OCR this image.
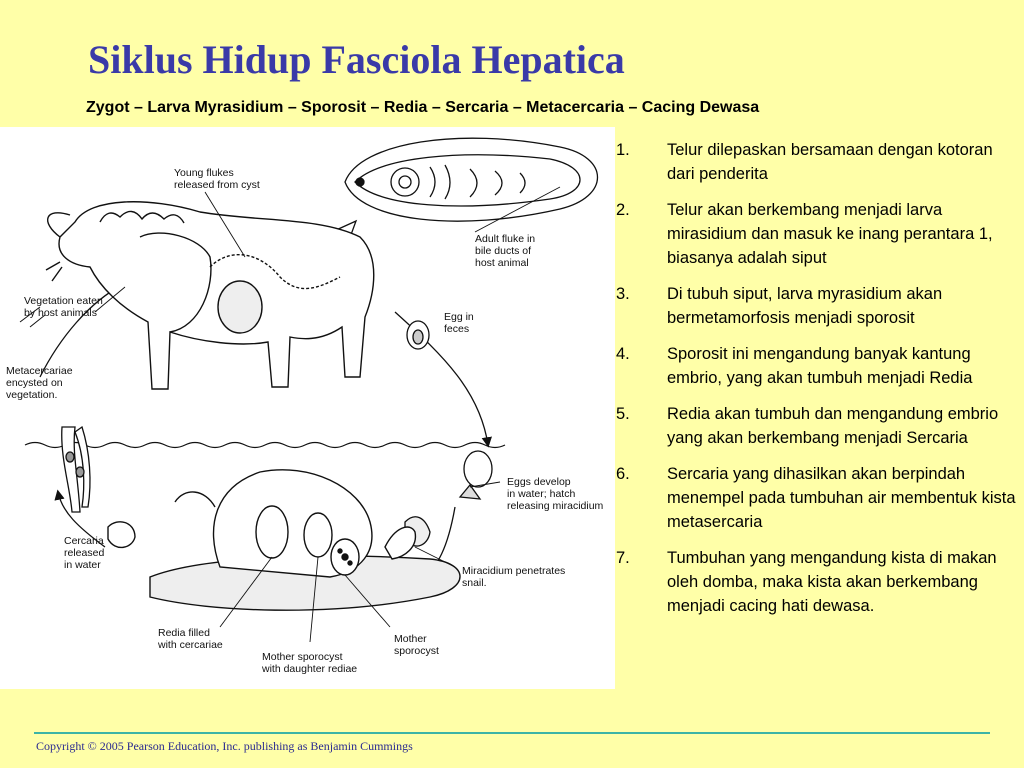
Siklus Hidup Fasciola Hepatica

Zygot – Larva Myrasidium – Sporosit – Redia – Sercaria – Metacercaria – Cacing Dewasa

Young flukes
released from cyst
Adult fluke in
bile ducts of
host animal
Vegetation eaten
by host animals	Egg in
feces
Metacercariae
encysted on
vegetation.
Eggs develop
in water; hatch
releasing miracidium
Cercaria
released
in water	Miracidium penetrates
snail.
Redia filled
with cercariae	Mother
sporocyst
Mother sporocyst
with daughter rediae
1. Telur dilepaskan bersamaan dengan kotoran dari penderita
2. Telur akan berkembang menjadi larva mirasidium dan masuk ke inang perantara 1, biasanya adalah siput
3. Di tubuh siput, larva myrasidium akan bermetamorfosis menjadi sporosit
4. Sporosit ini mengandung banyak kantung embrio, yang akan tumbuh menjadi Redia
5. Redia akan tumbuh dan mengandung embrio yang akan berkembang menjadi Sercaria
6. Sercaria yang dihasilkan akan berpindah menempel pada tumbuhan air membentuk kista metasercaria
7. Tumbuhan yang mengandung kista di makan oleh domba, maka kista akan berkembang menjadi cacing hati dewasa.
Copyright © 2005 Pearson Education, Inc. publishing as Benjamin Cummings
